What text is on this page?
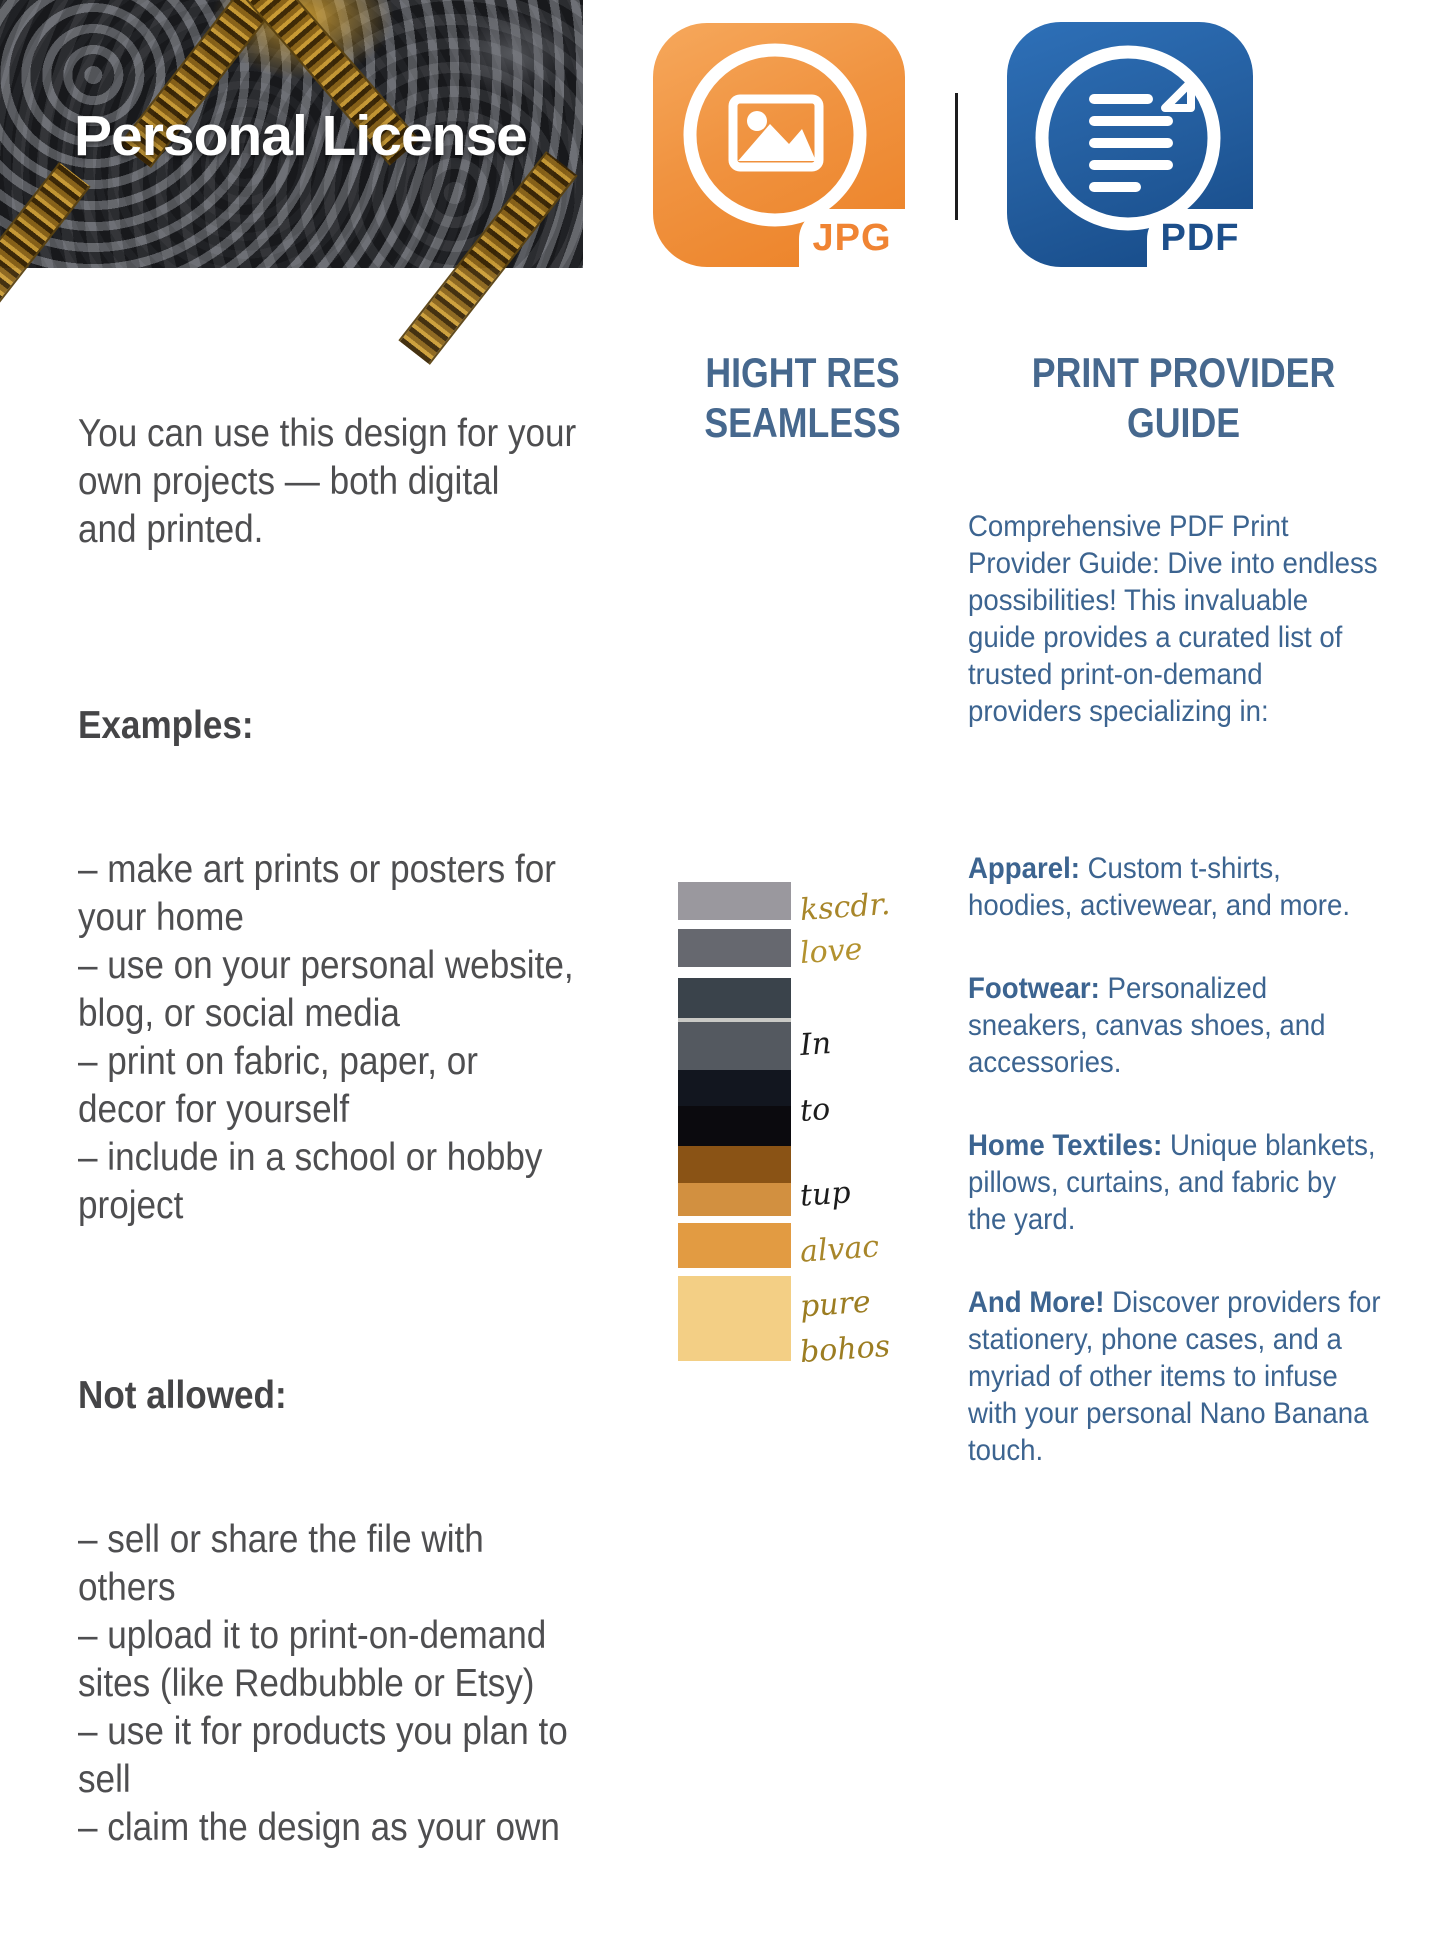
Personal License

You can use this design for your
own projects — both digital
and printed.

Examples:

– make art prints or posters for
your home
– use on your personal website,
blog, or social media
– print on fabric, paper, or
decor for yourself
– include in a school or hobby
project

Not allowed:

– sell or share the file with
others
– upload it to print-on-demand
sites (like Redbubble or Etsy)
– use it for products you plan to
sell
– claim the design as your own

JPG	PDF

HIGHT RES
SEAMLESS

PRINT PROVIDER
GUIDE

Comprehensive PDF Print
Provider Guide: Dive into endless
possibilities! This invaluable
guide provides a curated list of
trusted print-on-demand
providers specializing in:

Apparel: Custom t-shirts,
hoodies, activewear, and more.

Footwear: Personalized
sneakers, canvas shoes, and
accessories.

Home Textiles: Unique blankets,
pillows, curtains, and fabric by
the yard.

And More! Discover providers for
stationery, phone cases, and a
myriad of other items to infuse
with your personal Nano Banana
touch.

kscdr.
love
In
to
tup
alvac
pure
bohos
